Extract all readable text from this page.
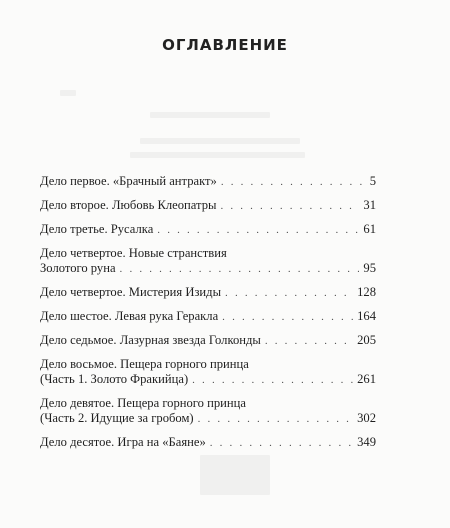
ОГЛАВЛЕНИЕ
Дело первое. «Брачный антракт» . . .	5
Дело второе. Любовь Клеопатры . . .	31
Дело третье. Русалка . . .	61
Дело четвертое. Новые странствия
Золотого руна . . .	95
Дело четвертое. Мистерия Изиды . . .	128
Дело шестое. Левая рука Геракла . . .	164
Дело седьмое. Лазурная звезда Голконды . . .	205
Дело восьмое. Пещера горного принца
(Часть 1. Золото Фракийца) . . .	261
Дело девятое. Пещера горного принца
(Часть 2. Идущие за гробом) . . .	302
Дело десятое. Игра на «Баяне» . . .	349
